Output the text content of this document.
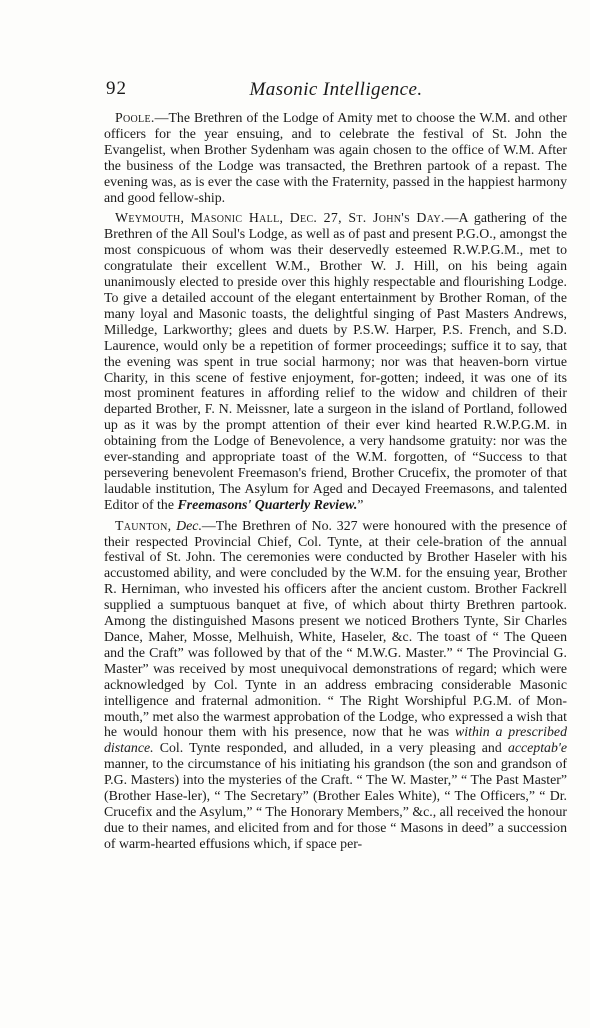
92	Masonic Intelligence.

Poole.—The Brethren of the Lodge of Amity met to choose the W.M. and other officers for the year ensuing, and to celebrate the festival of St. John the Evangelist, when Brother Sydenham was again chosen to the office of W.M. After the business of the Lodge was transacted, the Brethren partook of a repast. The evening was, as is ever the case with the Fraternity, passed in the happiest harmony and good fellow-ship.

Weymouth, Masonic Hall, Dec. 27, St. John's Day.—A gathering of the Brethren of the All Soul's Lodge, as well as of past and present P.G.O., amongst the most conspicuous of whom was their deservedly esteemed R.W.P.G.M., met to congratulate their excellent W.M., Brother W. J. Hill, on his being again unanimously elected to preside over this highly respectable and flourishing Lodge. To give a detailed account of the elegant entertainment by Brother Roman, of the many loyal and Masonic toasts, the delightful singing of Past Masters Andrews, Milledge, Larkworthy; glees and duets by P.S.W. Harper, P.S. French, and S.D. Laurence, would only be a repetition of former proceedings; suffice it to say, that the evening was spent in true social harmony; nor was that heaven-born virtue Charity, in this scene of festive enjoyment, for-gotten; indeed, it was one of its most prominent features in affording relief to the widow and children of their departed Brother, F. N. Meissner, late a surgeon in the island of Portland, followed up as it was by the prompt attention of their ever kind hearted R.W.P.G.M. in obtaining from the Lodge of Benevolence, a very handsome gratuity: nor was the ever-standing and appropriate toast of the W.M. forgotten, of “Success to that persevering benevolent Freemason's friend, Brother Crucefix, the promoter of that laudable institution, The Asylum for Aged and Decayed Freemasons, and talented Editor of the Freemasons' Quarterly Review.”

Taunton, Dec.—The Brethren of No. 327 were honoured with the presence of their respected Provincial Chief, Col. Tynte, at their cele-bration of the annual festival of St. John. The ceremonies were conducted by Brother Haseler with his accustomed ability, and were concluded by the W.M. for the ensuing year, Brother R. Herniman, who invested his officers after the ancient custom. Brother Fackrell supplied a sumptuous banquet at five, of which about thirty Brethren partook. Among the distinguished Masons present we noticed Brothers Tynte, Sir Charles Dance, Maher, Mosse, Melhuish, White, Haseler, &c. The toast of “ The Queen and the Craft” was followed by that of the “ M.W.G. Master.” “ The Provincial G. Master” was received by most unequivocal demonstrations of regard; which were acknowledged by Col. Tynte in an address embracing considerable Masonic intelligence and fraternal admonition. “ The Right Worshipful P.G.M. of Mon-mouth,” met also the warmest approbation of the Lodge, who expressed a wish that he would honour them with his presence, now that he was within a prescribed distance. Col. Tynte responded, and alluded, in a very pleasing and acceptab'e manner, to the circumstance of his initiating his grandson (the son and grandson of P.G. Masters) into the mysteries of the Craft. “ The W. Master,” “ The Past Master” (Brother Hase-ler), “ The Secretary” (Brother Eales White), “ The Officers,” “ Dr. Crucefix and the Asylum,” “ The Honorary Members,” &c., all received the honour due to their names, and elicited from and for those “ Masons in deed” a succession of warm-hearted effusions which, if space per-
